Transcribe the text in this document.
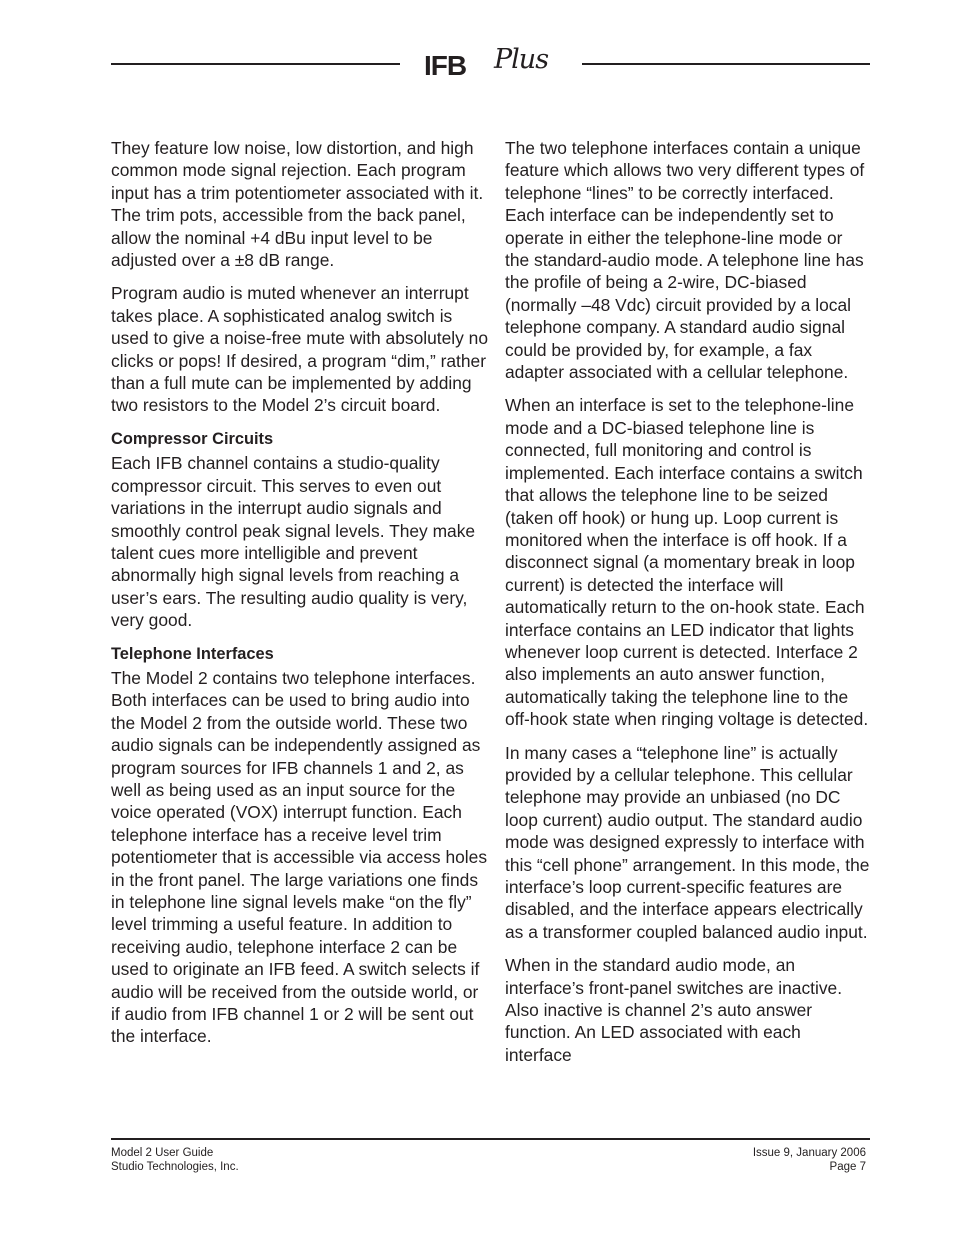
IFB Plus

They feature low noise, low distortion, and high common mode signal rejection. Each program input has a trim potentiometer associated with it. The trim pots, accessible from the back panel, allow the nominal +4 dBu input level to be adjusted over a ±8 dB range.

Program audio is muted whenever an interrupt takes place. A sophisticated analog switch is used to give a noise-free mute with absolutely no clicks or pops! If desired, a program “dim,” rather than a full mute can be implemented by adding two resistors to the Model 2’s circuit board.

Compressor Circuits

Each IFB channel contains a studio-quality compressor circuit. This serves to even out variations in the interrupt audio signals and smoothly control peak signal levels. They make talent cues more intelligible and prevent abnormally high signal levels from reaching a user’s ears. The resulting audio quality is very, very good.

Telephone Interfaces

The Model 2 contains two telephone interfaces. Both interfaces can be used to bring audio into the Model 2 from the outside world. These two audio signals can be independently assigned as program sources for IFB channels 1 and 2, as well as being used as an input source for the voice operated (VOX) interrupt function. Each telephone interface has a receive level trim potentiometer that is accessible via access holes in the front panel. The large variations one finds in telephone line signal levels make “on the fly” level trimming a useful feature. In addition to receiving audio, telephone interface 2 can be used to originate an IFB feed. A switch selects if audio will be received from the outside world, or if audio from IFB channel 1 or 2 will be sent out the interface.

The two telephone interfaces contain a unique feature which allows two very different types of telephone “lines” to be correctly interfaced. Each interface can be independently set to operate in either the telephone-line mode or the standard-audio mode. A telephone line has the profile of being a 2-wire, DC-biased (normally –48 Vdc) circuit provided by a local telephone company. A standard audio signal could be provided by, for example, a fax adapter associated with a cellular telephone.

When an interface is set to the telephone-line mode and a DC-biased telephone line is connected, full monitoring and control is implemented. Each interface contains a switch that allows the telephone line to be seized (taken off hook) or hung up. Loop current is monitored when the interface is off hook. If a disconnect signal (a momentary break in loop current) is detected the interface will automatically return to the on-hook state. Each interface contains an LED indicator that lights whenever loop current is detected. Interface 2 also implements an auto answer function, automatically taking the telephone line to the off-hook state when ringing voltage is detected.

In many cases a “telephone line” is actually provided by a cellular telephone. This cellular telephone may provide an unbiased (no DC loop current) audio output. The standard audio mode was designed expressly to interface with this “cell phone” arrangement. In this mode, the interface’s loop current-specific features are disabled, and the interface appears electrically as a transformer coupled balanced audio input.

When in the standard audio mode, an interface’s front-panel switches are inactive. Also inactive is channel 2’s auto answer function. An LED associated with each interface

Model 2 User Guide
Studio Technologies, Inc.
Issue 9, January 2006
Page 7
